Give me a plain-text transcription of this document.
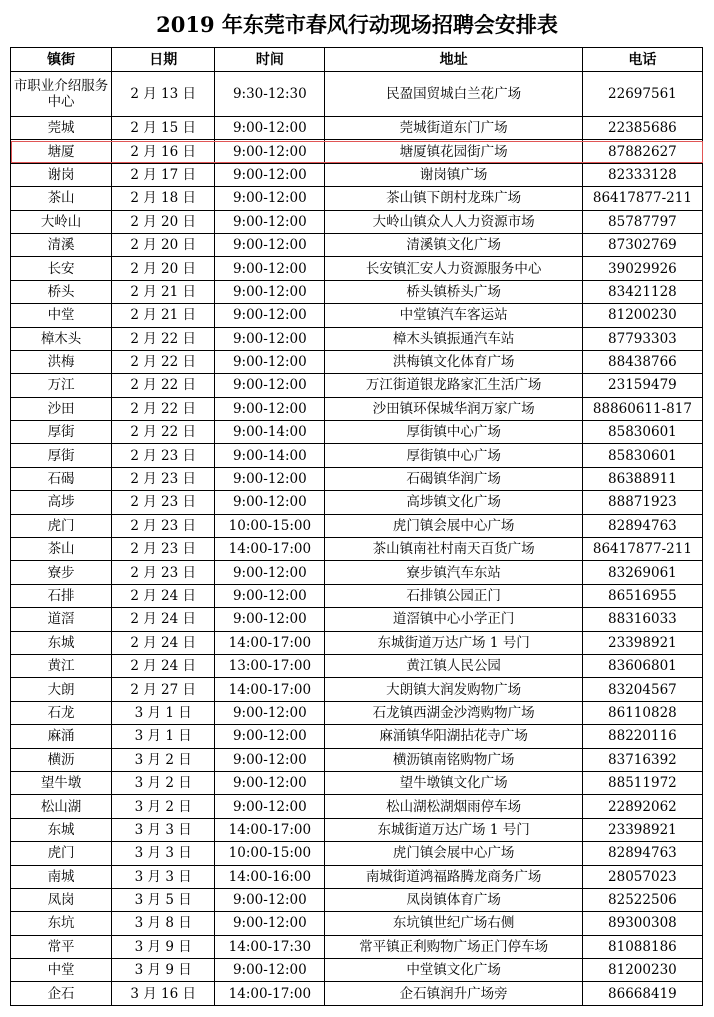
2019 年东莞市春风行动现场招聘会安排表
镇街	日期	时间	地址	电话
市职业介绍服务中心	2 月 13 日	9:30-12:30	民盈国贸城白兰花广场	22697561
莞城	2 月 15 日	9:00-12:00	莞城街道东门广场	22385686
塘厦	2 月 16 日	9:00-12:00	塘厦镇花园街广场	87882627
谢岗	2 月 17 日	9:00-12:00	谢岗镇广场	82333128
茶山	2 月 18 日	9:00-12:00	茶山镇下朗村龙珠广场	86417877-211
大岭山	2 月 20 日	9:00-12:00	大岭山镇众人人力资源市场	85787797
清溪	2 月 20 日	9:00-12:00	清溪镇文化广场	87302769
长安	2 月 20 日	9:00-12:00	长安镇汇安人力资源服务中心	39029926
桥头	2 月 21 日	9:00-12:00	桥头镇桥头广场	83421128
中堂	2 月 21 日	9:00-12:00	中堂镇汽车客运站	81200230
樟木头	2 月 22 日	9:00-12:00	樟木头镇振通汽车站	87793303
洪梅	2 月 22 日	9:00-12:00	洪梅镇文化体育广场	88438766
万江	2 月 22 日	9:00-12:00	万江街道银龙路家汇生活广场	23159479
沙田	2 月 22 日	9:00-12:00	沙田镇环保城华润万家广场	88860611-817
厚街	2 月 22 日	9:00-14:00	厚街镇中心广场	85830601
厚街	2 月 23 日	9:00-14:00	厚街镇中心广场	85830601
石碣	2 月 23 日	9:00-12:00	石碣镇华润广场	86388911
高埗	2 月 23 日	9:00-12:00	高埗镇文化广场	88871923
虎门	2 月 23 日	10:00-15:00	虎门镇会展中心广场	82894763
茶山	2 月 23 日	14:00-17:00	茶山镇南社村南天百货广场	86417877-211
寮步	2 月 23 日	9:00-12:00	寮步镇汽车东站	83269061
石排	2 月 24 日	9:00-12:00	石排镇公园正门	86516955
道滘	2 月 24 日	9:00-12:00	道滘镇中心小学正门	88316033
东城	2 月 24 日	14:00-17:00	东城街道万达广场 1 号门	23398921
黄江	2 月 24 日	13:00-17:00	黄江镇人民公园	83606801
大朗	2 月 27 日	14:00-17:00	大朗镇大润发购物广场	83204567
石龙	3 月 1 日	9:00-12:00	石龙镇西湖金沙湾购物广场	86110828
麻涌	3 月 1 日	9:00-12:00	麻涌镇华阳湖拈花寺广场	88220116
横沥	3 月 2 日	9:00-12:00	横沥镇南铭购物广场	83716392
望牛墩	3 月 2 日	9:00-12:00	望牛墩镇文化广场	88511972
松山湖	3 月 2 日	9:00-12:00	松山湖松湖烟雨停车场	22892062
东城	3 月 3 日	14:00-17:00	东城街道万达广场 1 号门	23398921
虎门	3 月 3 日	10:00-15:00	虎门镇会展中心广场	82894763
南城	3 月 3 日	14:00-16:00	南城街道鸿福路腾龙商务广场	28057023
凤岗	3 月 5 日	9:00-12:00	凤岗镇体育广场	82522506
东坑	3 月 8 日	9:00-12:00	东坑镇世纪广场右侧	89300308
常平	3 月 9 日	14:00-17:30	常平镇正利购物广场正门停车场	81088186
中堂	3 月 9 日	9:00-12:00	中堂镇文化广场	81200230
企石	3 月 16 日	14:00-17:00	企石镇润升广场旁	86668419
